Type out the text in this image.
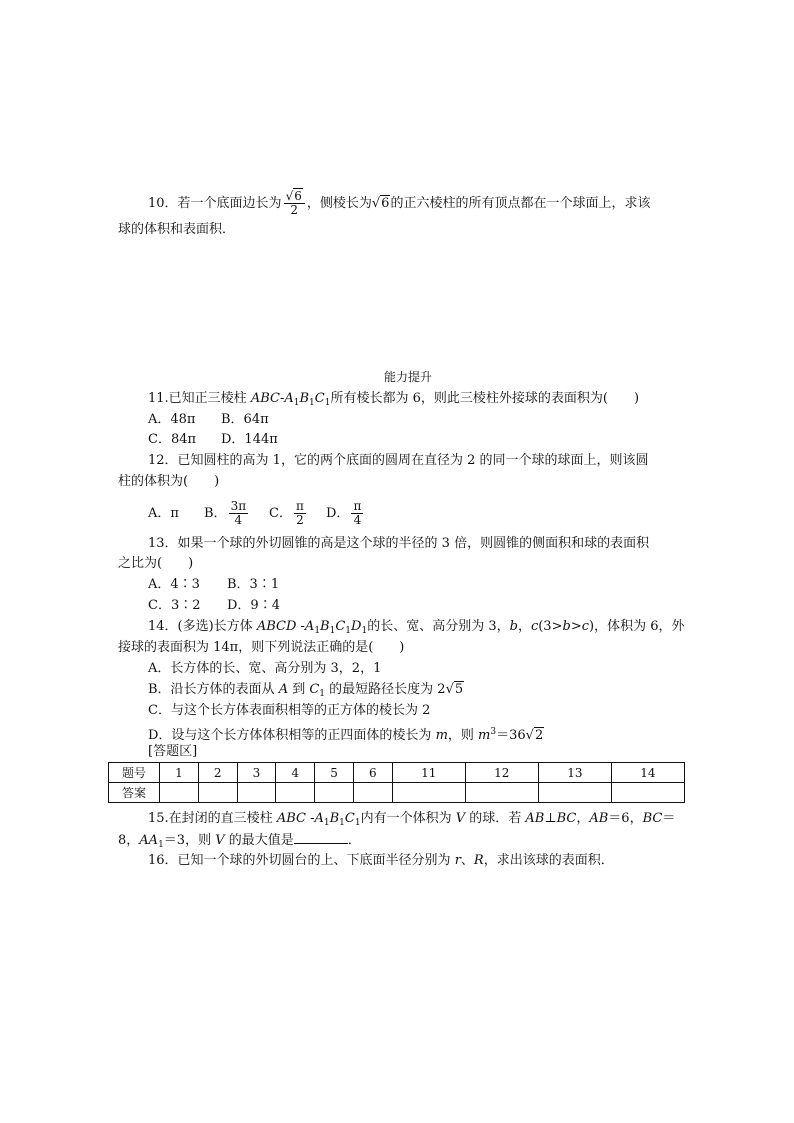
10．若一个底面边长为 $\frac{√6}{2}$ ，侧棱长为√6的正六棱柱的所有顶点都在一个球面上，求该
球的体积和表面积．
能力提升
11.已知正三棱柱 ABC-$A_1B_1C_1$所有棱长都为 6，则此三棱柱外接球的表面积为(　　)
A．48π B．64π
C．84π D．144π
12．已知圆柱的高为 1，它的两个底面的圆周在直径为 2 的同一个球的球面上，则该圆
柱的体积为(　　)
A．π B． $\frac{3\pi}{4}$ C． $\frac{\pi}{2}$ D． $\frac{\pi}{4}$
13．如果一个球的外切圆锥的高是这个球的半径的 3 倍，则圆锥的侧面积和球的表面积
之比为(　　)
A．4∶3 B．3∶1
C．3∶2 D．9∶4
14．(多选)长方体 ABCD $-A_1B_1C_1D_1$的长、宽、高分别为 3，b，c(3>b>c)，体积为 6，外
接球的表面积为 14π，则下列说法正确的是(　　)
A．长方体的长、宽、高分别为 3，2，1
B．沿长方体的表面从 A 到 $C_1$ 的最短路径长度为 2√5
C．与这个长方体表面积相等的正方体的棱长为 2
D．设与这个长方体体积相等的正四面体的棱长为 m，则 $m^3=36√2$
[答题区]
题号	1	2	3	4	5	6	11	12	13	14
答案										
15.在封闭的直三棱柱 ABC $-A_1B_1C_1$内有一个体积为 V 的球．若 AB⊥BC，AB＝6，BC＝
8，$AA_1=3$，则 V 的最大值是	．
16．已知一个球的外切圆台的上、下底面半径分别为 r、R，求出该球的表面积．
